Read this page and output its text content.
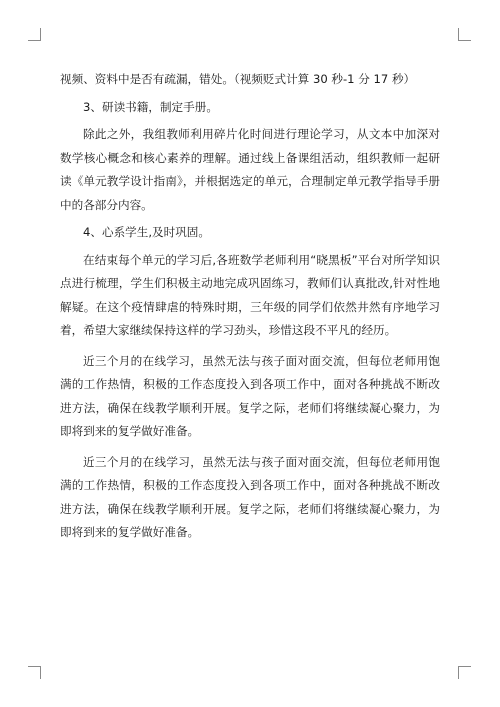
视频、资料中是否有疏漏，错处。（视频贬式计算 30 秒-1 分 17 秒）

3、研读书籍，制定手册。

除此之外，我组教师利用碎片化时间进行理论学习，从文本中加深对数学核心概念和核心素养的理解。通过线上备课组活动，组织教师一起研读《单元教学设计指南》，并根据选定的单元，合理制定单元教学指导手册中的各部分内容。

4、心系学生,及时巩固。

在结束每个单元的学习后,各班数学老师利用“晓黑板”平台对所学知识点进行梳理，学生们积极主动地完成巩固练习，教师们认真批改,针对性地解疑。在这个疫情肆虐的特殊时期，三年级的同学们依然井然有序地学习着，希望大家继续保持这样的学习劲头，珍惜这段不平凡的经历。

近三个月的在线学习，虽然无法与孩子面对面交流，但每位老师用饱满的工作热情，积极的工作态度投入到各项工作中，面对各种挑战不断改进方法，确保在线教学顺利开展。复学之际，老师们将继续凝心聚力，为即将到来的复学做好准备。

近三个月的在线学习，虽然无法与孩子面对面交流，但每位老师用饱满的工作热情，积极的工作态度投入到各项工作中，面对各种挑战不断改进方法，确保在线教学顺利开展。复学之际，老师们将继续凝心聚力，为即将到来的复学做好准备。
